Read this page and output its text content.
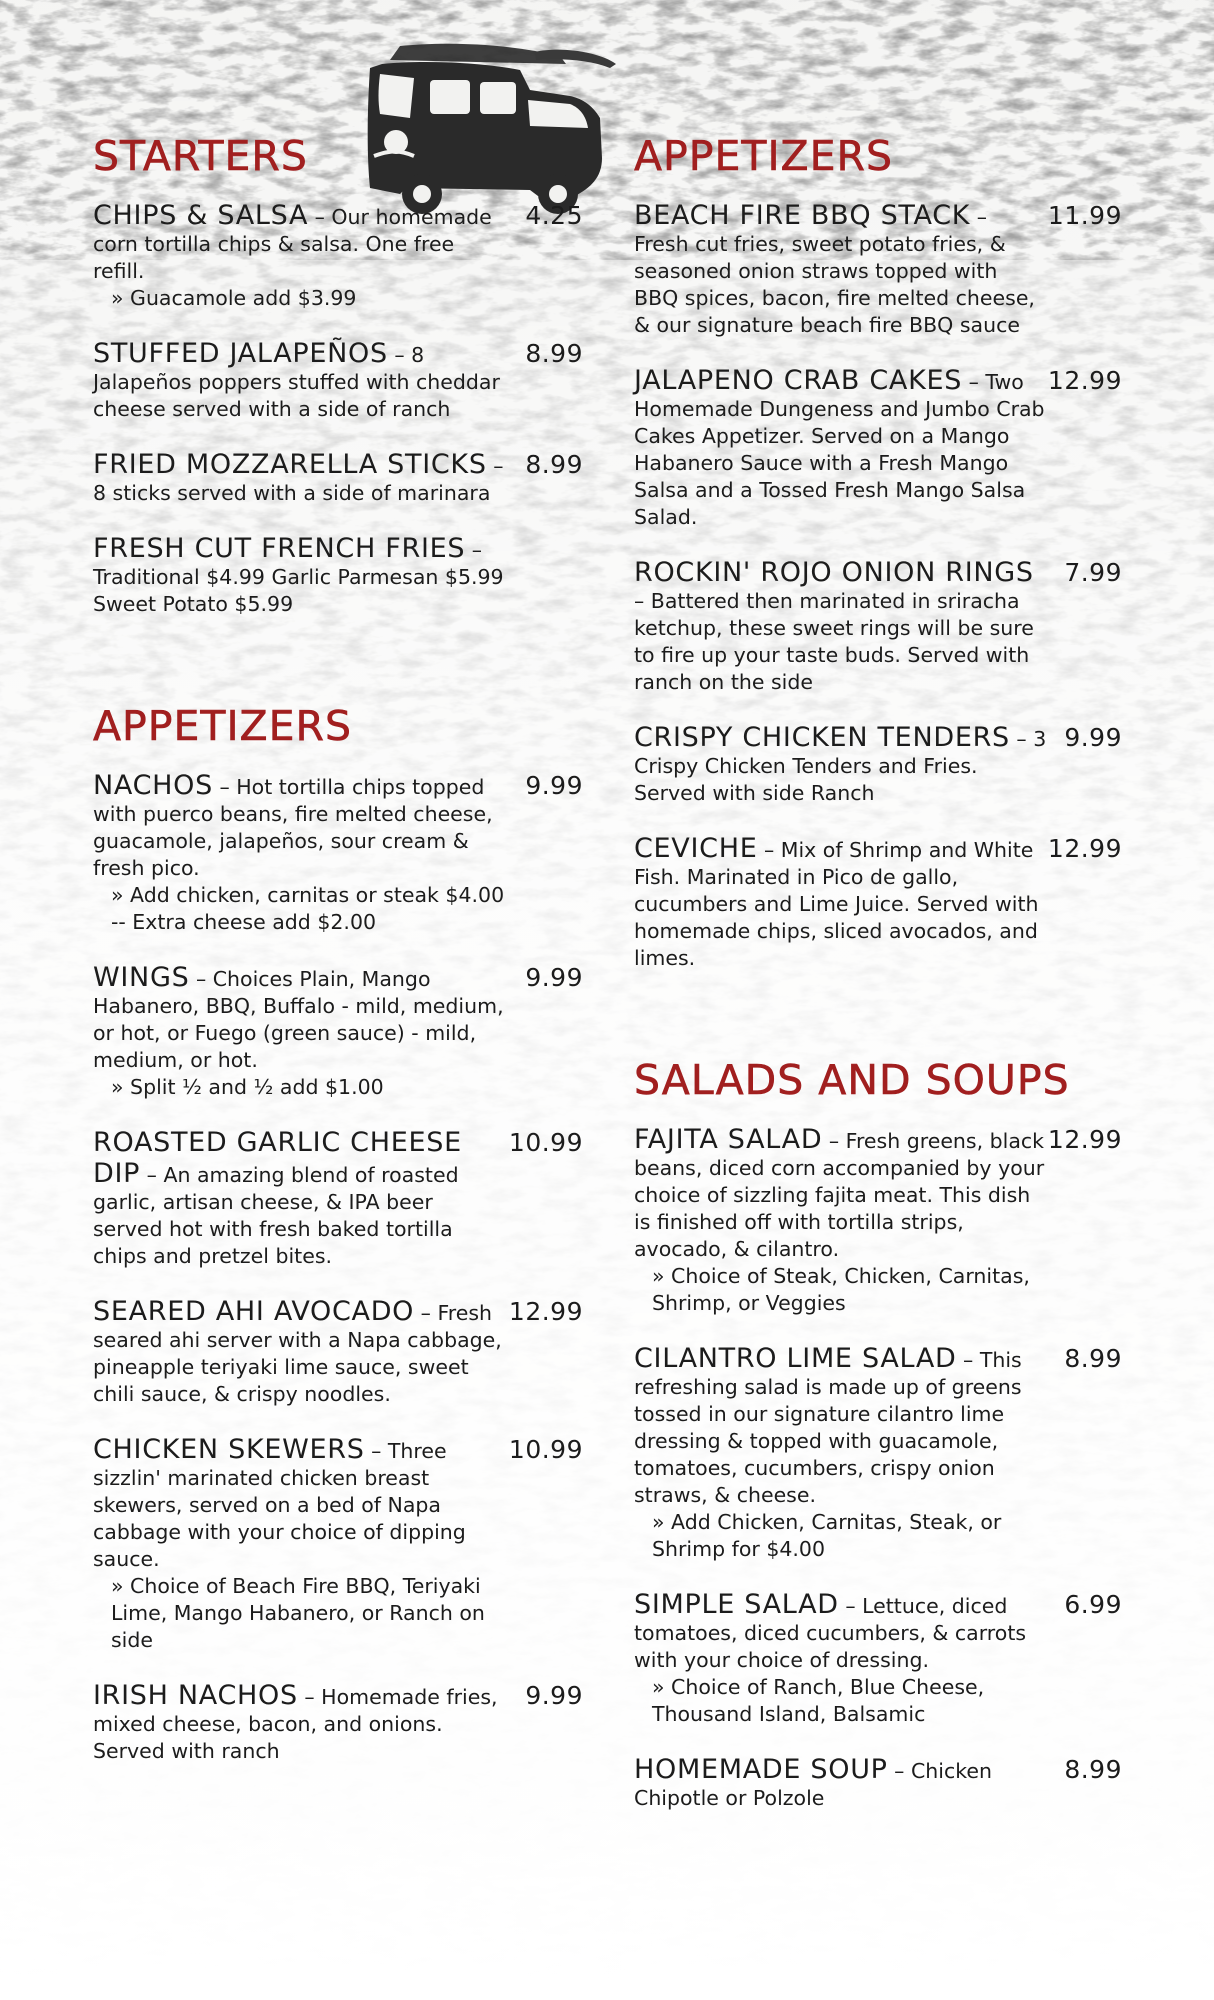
STARTERS
4.25
CHIPS & SALSA – Our homemade corn tortilla chips & salsa. One free refill.
» Guacamole add $3.99
8.99
STUFFED JALAPEÑOS – 8 Jalapeños poppers stuffed with cheddar cheese served with a side of ranch
8.99
FRIED MOZZARELLA STICKS – 8 sticks served with a side of marinara
FRESH CUT FRENCH FRIES – Traditional $4.99 Garlic Parmesan $5.99 Sweet Potato $5.99
APPETIZERS
9.99
NACHOS – Hot tortilla chips topped with puerco beans, fire melted cheese, guacamole, jalapeños, sour cream & fresh pico.
» Add chicken, carnitas or steak $4.00 -- Extra cheese add $2.00
9.99
WINGS – Choices Plain, Mango Habanero, BBQ, Buffalo - mild, medium, or hot, or Fuego (green sauce) - mild, medium, or hot.
» Split ½ and ½ add $1.00
10.99
ROASTED GARLIC CHEESE DIP – An amazing blend of roasted garlic, artisan cheese, & IPA beer served hot with fresh baked tortilla chips and pretzel bites.
12.99
SEARED AHI AVOCADO – Fresh seared ahi server with a Napa cabbage, pineapple teriyaki lime sauce, sweet chili sauce, & crispy noodles.
10.99
CHICKEN SKEWERS – Three sizzlin' marinated chicken breast skewers, served on a bed of Napa cabbage with your choice of dipping sauce.
» Choice of Beach Fire BBQ, Teriyaki Lime, Mango Habanero, or Ranch on side
9.99
IRISH NACHOS – Homemade fries, mixed cheese, bacon, and onions. Served with ranch
APPETIZERS
11.99
BEACH FIRE BBQ STACK – Fresh cut fries, sweet potato fries, & seasoned onion straws topped with BBQ spices, bacon, fire melted cheese, & our signature beach fire BBQ sauce
12.99
JALAPENO CRAB CAKES – Two Homemade Dungeness and Jumbo Crab Cakes Appetizer. Served on a Mango Habanero Sauce with a Fresh Mango Salsa and a Tossed Fresh Mango Salsa Salad.
7.99
ROCKIN' ROJO ONION RINGS – Battered then marinated in sriracha ketchup, these sweet rings will be sure to fire up your taste buds. Served with ranch on the side
9.99
CRISPY CHICKEN TENDERS – 3 Crispy Chicken Tenders and Fries. Served with side Ranch
12.99
CEVICHE – Mix of Shrimp and White Fish. Marinated in Pico de gallo, cucumbers and Lime Juice. Served with homemade chips, sliced avocados, and limes.
SALADS AND SOUPS
12.99
FAJITA SALAD – Fresh greens, black beans, diced corn accompanied by your choice of sizzling fajita meat. This dish is finished off with tortilla strips, avocado, & cilantro.
» Choice of Steak, Chicken, Carnitas, Shrimp, or Veggies
8.99
CILANTRO LIME SALAD – This refreshing salad is made up of greens tossed in our signature cilantro lime dressing & topped with guacamole, tomatoes, cucumbers, crispy onion straws, & cheese.
» Add Chicken, Carnitas, Steak, or Shrimp for $4.00
6.99
SIMPLE SALAD – Lettuce, diced tomatoes, diced cucumbers, & carrots with your choice of dressing.
» Choice of Ranch, Blue Cheese, Thousand Island, Balsamic
8.99
HOMEMADE SOUP – Chicken Chipotle or Polzole
